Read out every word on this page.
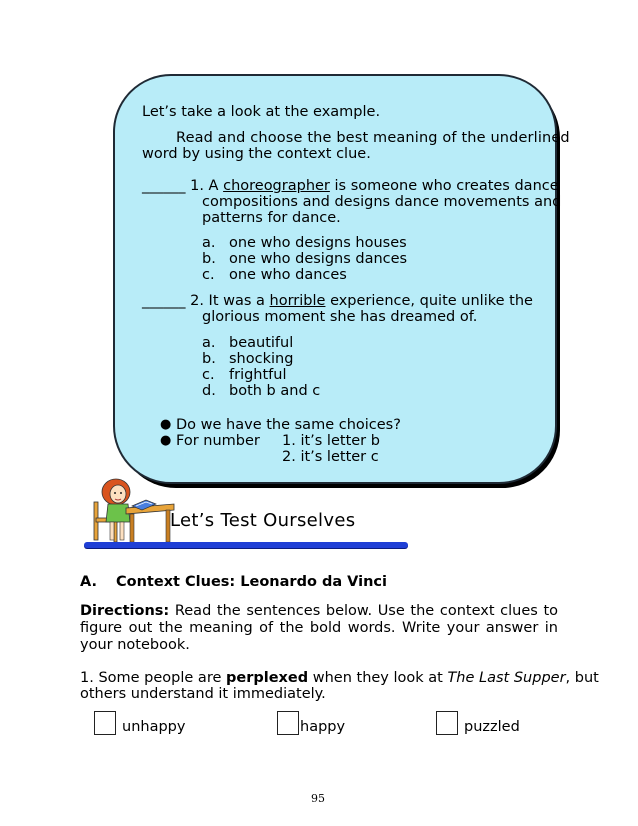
Let’s take a look at the example.
Read and choose the best meaning of the underlined
word by using the context clue.
______ 1. A choreographer is someone who creates dance
compositions and designs dance movements and
patterns for dance.
a. one who designs houses
b. one who designs dances
c. one who dances
______ 2. It was a horrible experience, quite unlike the
glorious moment she has dreamed of.
a. beautiful
b. shocking
c. frightful
d. both b and c
● Do we have the same choices?
● For number 1. it’s letter b
2. it’s letter c
Let’s Test Ourselves
A. Context Clues: Leonardo da Vinci
Directions: Read the sentences below. Use the context clues to figure out the meaning of the bold words. Write your answer in your notebook.
1. Some people are perplexed when they look at The Last Supper, but
others understand it immediately.
unhappy	happy	puzzled
95
